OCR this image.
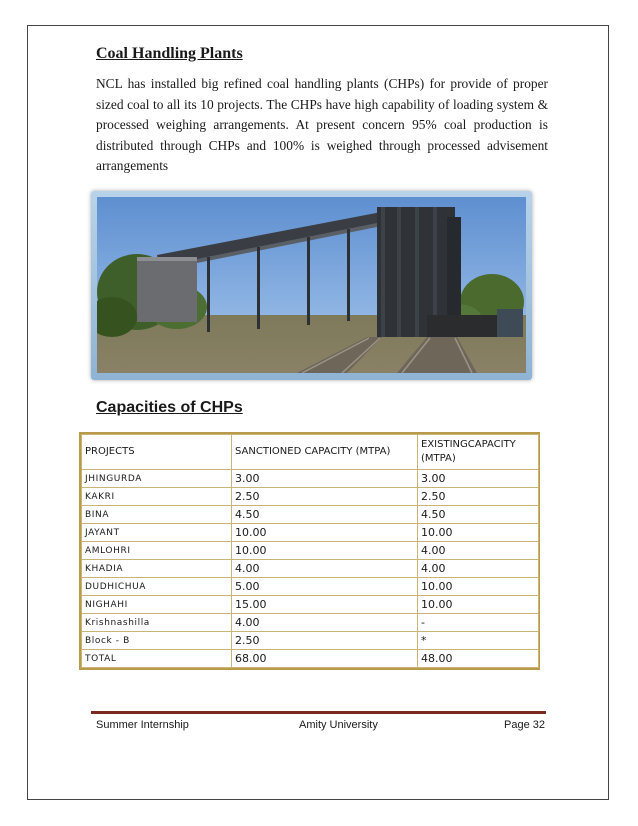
Coal Handling Plants

NCL has installed big refined coal handling plants (CHPs) for provide of proper sized coal to all its 10 projects. The CHPs have high capability of loading system & processed weighing arrangements. At present concern 95% coal production is distributed through CHPs and 100% is weighed through processed advisement arrangements

Capacities of CHPs
PROJECTS	SANCTIONED CAPACITY (MTPA)	EXISTINGCAPACITY (MTPA)
JHINGURDA	3.00	3.00
KAKRI	2.50	2.50
BINA	4.50	4.50
JAYANT	10.00	10.00
AMLOHRI	10.00	4.00
KHADIA	4.00	4.00
DUDHICHUA	5.00	10.00
NIGHAHI	15.00	10.00
Krishnashilla	4.00	-
Block - B	2.50	*
TOTAL	68.00	48.00

Summer Internship	Amity University	Page 32
